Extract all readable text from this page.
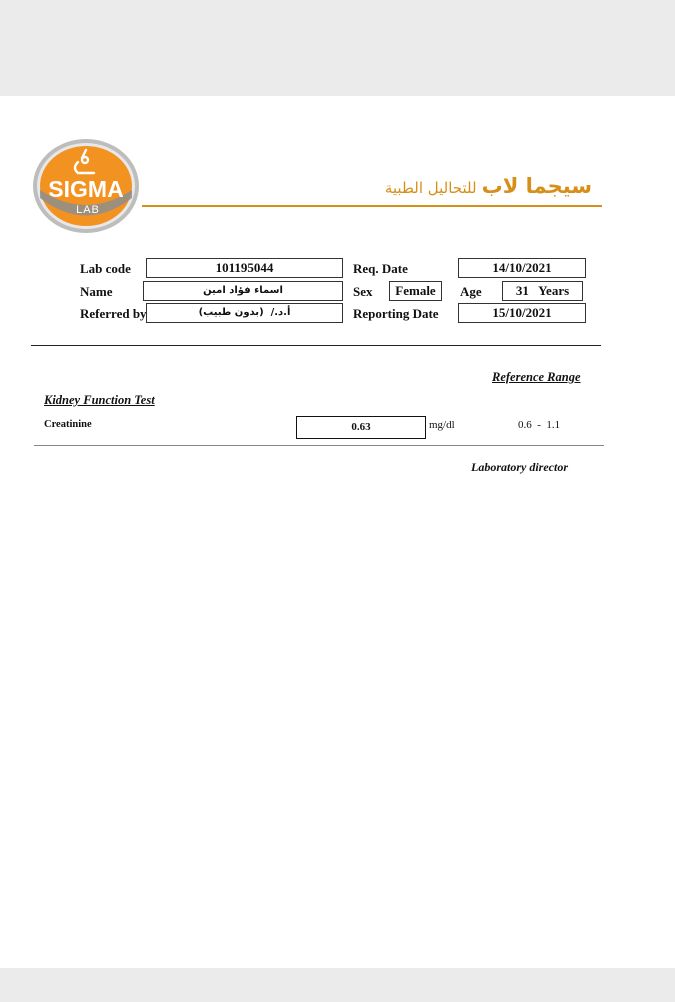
SIGMA
LAB
سيجما لاب للتحاليل الطبية
Lab code	101195044	Req. Date	14/10/2021
Name	اسماء فؤاد امين	Sex	Female	Age	31   Years
Referred by	أ.د./  (بدون طبيب)	Reporting Date	15/10/2021
Reference Range
Kidney Function Test
Creatinine	0.63	mg/dl	0.6  -  1.1
Laboratory director
